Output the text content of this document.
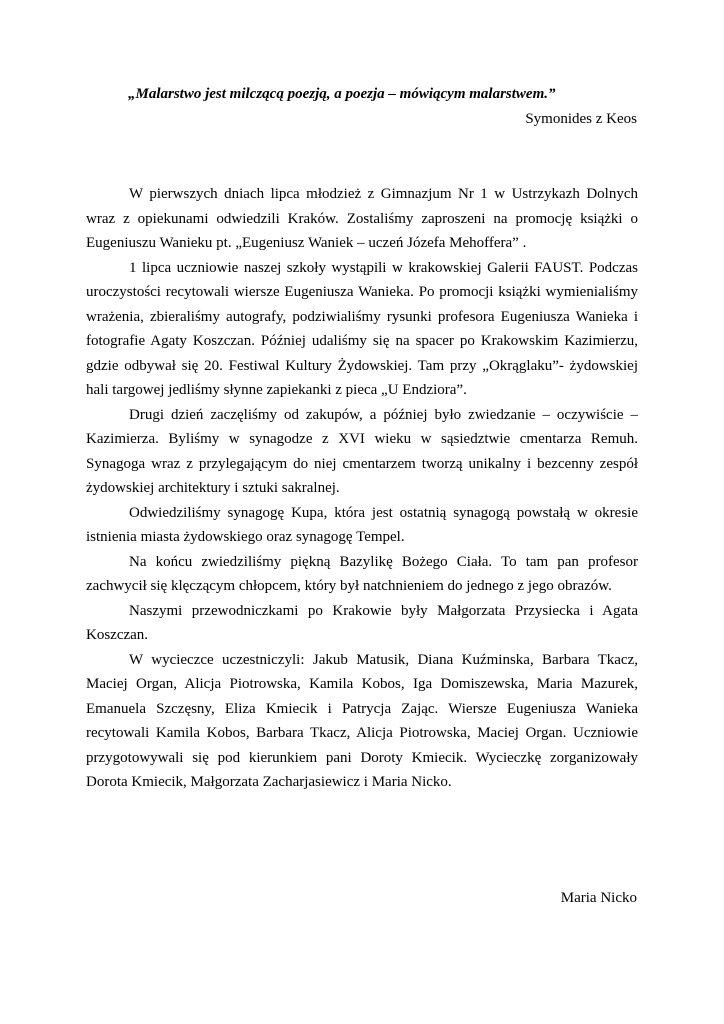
„Malarstwo jest milczącą poezją, a poezja – mówiącym malarstwem.”
Symonides z Keos

W pierwszych dniach lipca młodzież z Gimnazjum Nr 1 w Ustrzykazh Dolnych wraz z opiekunami odwiedzili Kraków. Zostaliśmy zaproszeni na promocję książki o Eugeniuszu Wanieku pt. „Eugeniusz Waniek – uczeń Józefa Mehoffera” .

1 lipca uczniowie naszej szkoły wystąpili w krakowskiej Galerii FAUST. Podczas uroczystości recytowali wiersze Eugeniusza Wanieka. Po promocji książki wymienialiśmy wrażenia, zbieraliśmy autografy, podziwialiśmy rysunki profesora Eugeniusza Wanieka i fotografie Agaty Koszczan. Później udaliśmy się na spacer po Krakowskim Kazimierzu, gdzie odbywał się 20. Festiwal Kultury Żydowskiej. Tam przy „Okrąglaku”- żydowskiej hali targowej jedliśmy słynne zapiekanki z pieca „U Endziora”.

Drugi dzień zaczęliśmy od zakupów, a później było zwiedzanie – oczywiście – Kazimierza. Byliśmy w synagodze z XVI wieku w sąsiedztwie cmentarza Remuh. Synagoga wraz z przylegającym do niej cmentarzem tworzą unikalny i bezcenny zespół żydowskiej architektury i sztuki sakralnej.

Odwiedziliśmy synagogę Kupa, która jest ostatnią synagogą powstałą w okresie istnienia miasta żydowskiego oraz synagogę Tempel.

Na końcu zwiedziliśmy piękną Bazylikę Bożego Ciała. To tam pan profesor zachwycił się klęczącym chłopcem, który był natchnieniem do jednego z jego obrazów.

Naszymi przewodniczkami po Krakowie były Małgorzata Przysiecka i Agata Koszczan.

W wycieczce uczestniczyli: Jakub Matusik, Diana Kuźminska, Barbara Tkacz, Maciej Organ, Alicja Piotrowska, Kamila Kobos, Iga Domiszewska, Maria Mazurek, Emanuela Szczęsny, Eliza Kmiecik i Patrycja Zając. Wiersze Eugeniusza Wanieka recytowali Kamila Kobos, Barbara Tkacz, Alicja Piotrowska, Maciej Organ. Uczniowie przygotowywali się pod kierunkiem pani Doroty Kmiecik. Wycieczkę zorganizowały Dorota Kmiecik, Małgorzata Zacharjasiewicz i Maria Nicko.

Maria Nicko
